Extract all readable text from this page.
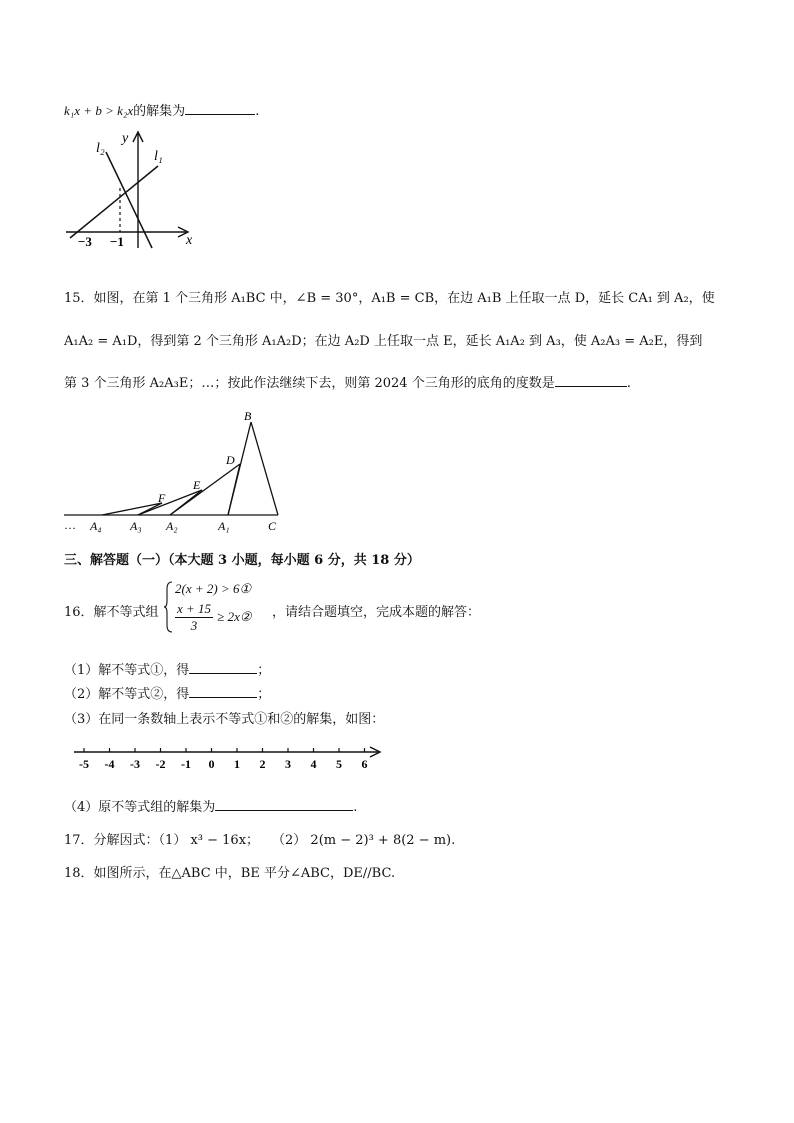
k₁x + b > k₂x的解集为	.
l₂
y
l₁
x
−3 −1
15．如图，在第 1 个三角形 A₁BC 中，∠B = 30°，A₁B = CB，在边 A₁B 上任取一点 D，延长 CA₁ 到 A₂，使
A₁A₂ = A₁D，得到第 2 个三角形 A₁A₂D；在边 A₂D 上任取一点 E，延长 A₁A₂ 到 A₃，使 A₂A₃ = A₂E，得到
第 3 个三角形 A₂A₃E；…；按此作法继续下去，则第 2024 个三角形的底角的度数是	.
B
D
E
F
C
A₁
A₂
A₃
A₄
…
三、解答题（一）（本大题 3 小题，每小题 6 分，共 18 分）
16．解不等式组
2(x + 2) > 6①
$\frac{x + 15}{3}$ ≥ 2x② ，请结合题填空，完成本题的解答：
（1）解不等式①，得	；
（2）解不等式②，得	；
（3）在同一条数轴上表示不等式①和②的解集，如图：
-5 -4 -3 -2 -1 0 1 2 3 4 5 6
（4）原不等式组的解集为	.
17．分解因式：（1） x³ − 16x；　　（2） 2(m − 2)³ + 8(2 − m).
18．如图所示，在△ABC 中，BE 平分∠ABC，DE//BC.
